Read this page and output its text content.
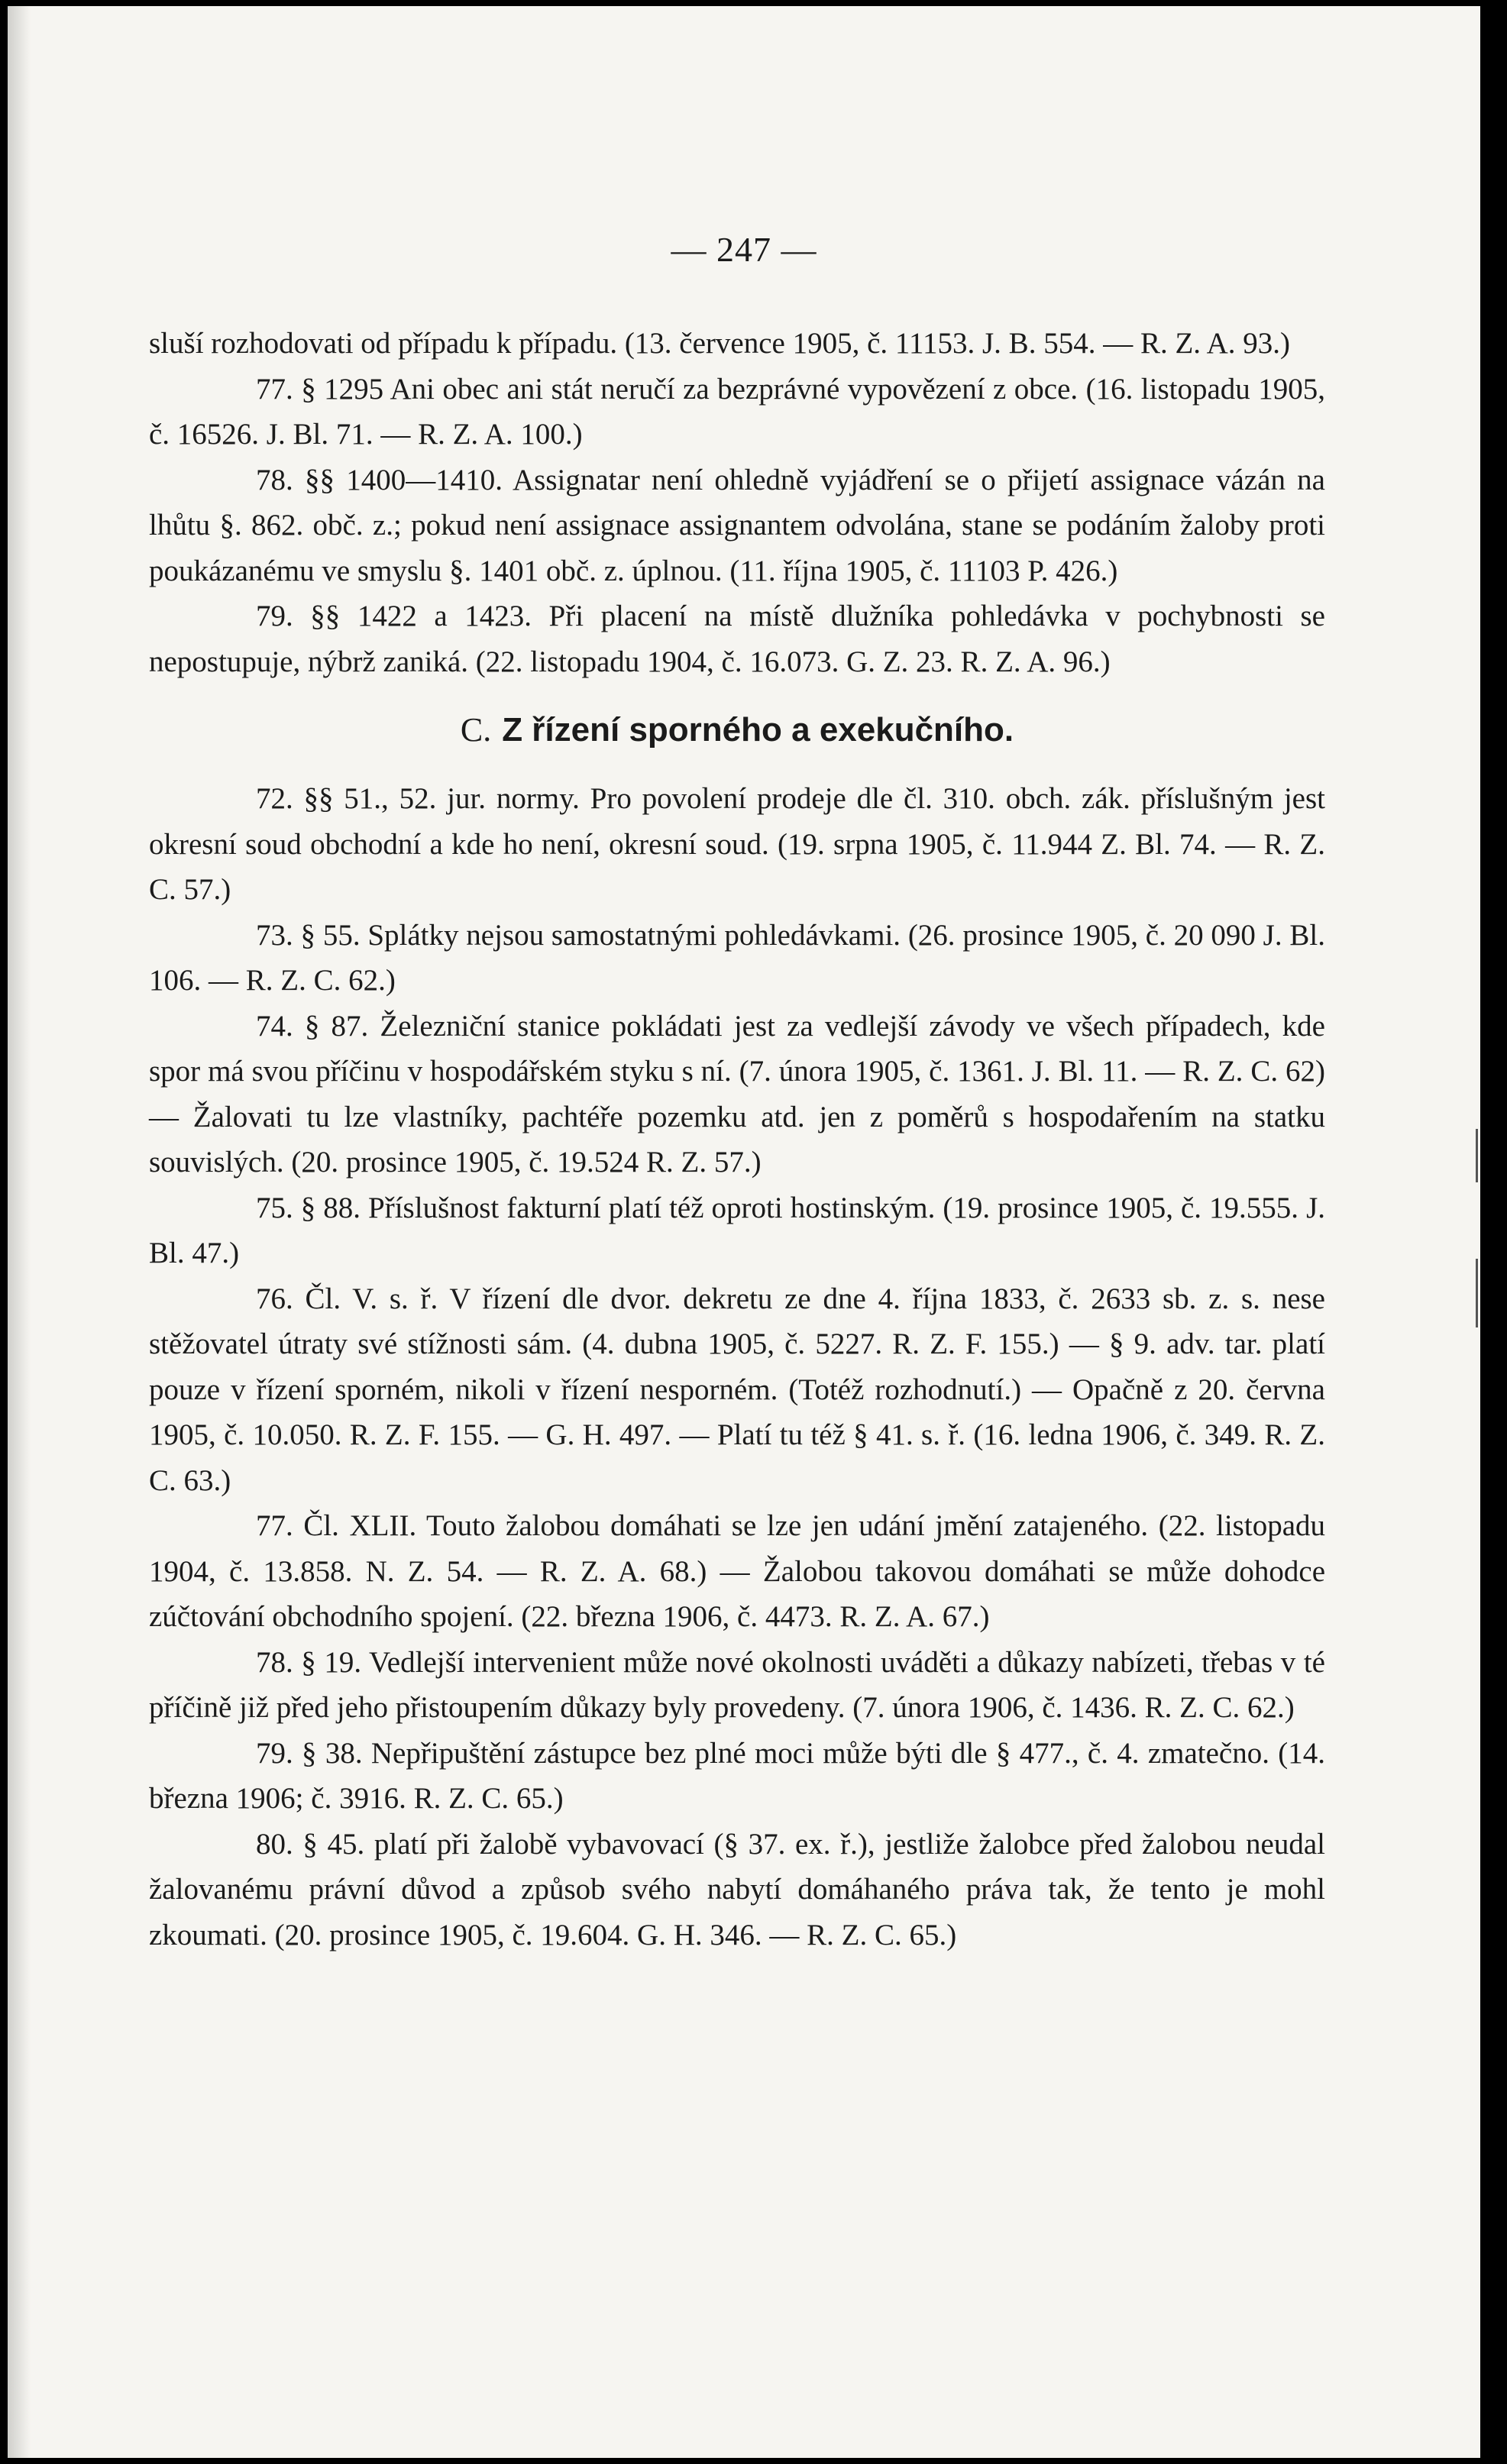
— 247 —

sluší rozhodovati od případu k případu. (13. července 1905, č. 11153. J. B. 554. — R. Z. A. 93.)

77. § 1295 Ani obec ani stát neručí za bezprávné vypovězení z obce. (16. listopadu 1905, č. 16526. J. Bl. 71. — R. Z. A. 100.)

78. §§ 1400—1410. Assignatar není ohledně vyjádření se o přijetí assignace vázán na lhůtu §. 862. obč. z.; pokud není assignace assignantem odvolána, stane se podáním žaloby proti poukázanému ve smyslu §. 1401 obč. z. úplnou. (11. října 1905, č. 11103 P. 426.)

79. §§ 1422 a 1423. Při placení na místě dlužníka pohledávka v pochybnosti se nepostupuje, nýbrž zaniká. (22. listopadu 1904, č. 16.073. G. Z. 23. R. Z. A. 96.)

C. Z řízení sporného a exekučního.

72. §§ 51., 52. jur. normy. Pro povolení prodeje dle čl. 310. obch. zák. příslušným jest okresní soud obchodní a kde ho není, okresní soud. (19. srpna 1905, č. 11.944 Z. Bl. 74. — R. Z. C. 57.)

73. § 55. Splátky nejsou samostatnými pohledávkami. (26. prosince 1905, č. 20 090 J. Bl. 106. — R. Z. C. 62.)

74. § 87. Železniční stanice pokládati jest za vedlejší závody ve všech případech, kde spor má svou příčinu v hospodářském styku s ní. (7. února 1905, č. 1361. J. Bl. 11. — R. Z. C. 62) — Žalovati tu lze vlastníky, pachtéře pozemku atd. jen z poměrů s hospodařením na statku souvislých. (20. prosince 1905, č. 19.524 R. Z. 57.)

75. § 88. Příslušnost fakturní platí též oproti hostinským. (19. prosince 1905, č. 19.555. J. Bl. 47.)

76. Čl. V. s. ř. V řízení dle dvor. dekretu ze dne 4. října 1833, č. 2633 sb. z. s. nese stěžovatel útraty své stížnosti sám. (4. dubna 1905, č. 5227. R. Z. F. 155.) — § 9. adv. tar. platí pouze v řízení sporném, nikoli v řízení nesporném. (Totéž rozhodnutí.) — Opačně z 20. června 1905, č. 10.050. R. Z. F. 155. — G. H. 497. — Platí tu též § 41. s. ř. (16. ledna 1906, č. 349. R. Z. C. 63.)

77. Čl. XLII. Touto žalobou domáhati se lze jen udání jmění zatajeného. (22. listopadu 1904, č. 13.858. N. Z. 54. — R. Z. A. 68.) — Žalobou takovou domáhati se může dohodce zúčtování obchodního spojení. (22. března 1906, č. 4473. R. Z. A. 67.)

78. § 19. Vedlejší intervenient může nové okolnosti uváděti a důkazy nabízeti, třebas v té příčině již před jeho přistoupením důkazy byly provedeny. (7. února 1906, č. 1436. R. Z. C. 62.)

79. § 38. Nepřipuštění zástupce bez plné moci může býti dle § 477., č. 4. zmatečno. (14. března 1906; č. 3916. R. Z. C. 65.)

80. § 45. platí při žalobě vybavovací (§ 37. ex. ř.), jestliže žalobce před žalobou neudal žalovanému právní důvod a způsob svého nabytí domáhaného práva tak, že tento je mohl zkoumati. (20. prosince 1905, č. 19.604. G. H. 346. — R. Z. C. 65.)
